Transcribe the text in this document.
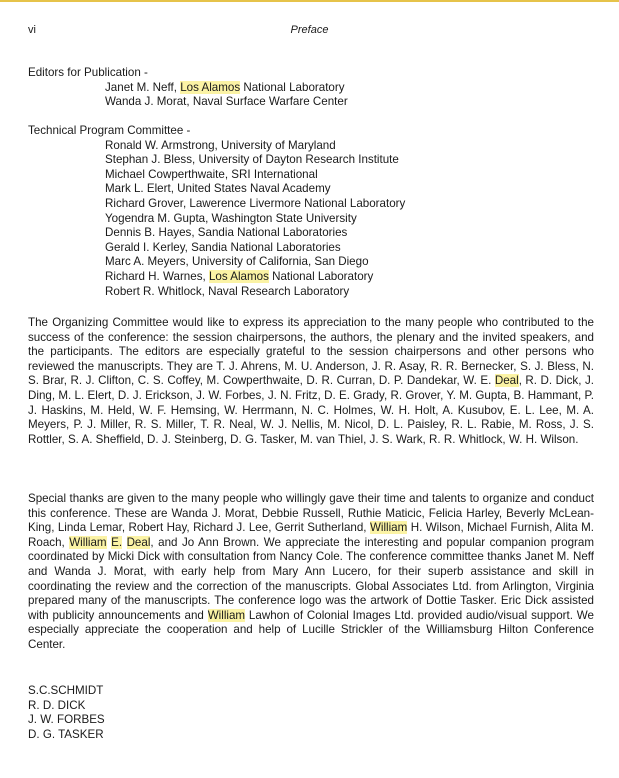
vi	Preface
Editors for Publication -
Janet M. Neff, Los Alamos National Laboratory
Wanda J. Morat, Naval Surface Warfare Center
Technical Program Committee -
Ronald W. Armstrong, University of Maryland
Stephan J. Bless, University of Dayton Research Institute
Michael Cowperthwaite, SRI International
Mark L. Elert, United States Naval Academy
Richard Grover, Lawerence Livermore National Laboratory
Yogendra M. Gupta, Washington State University
Dennis B. Hayes, Sandia National Laboratories
Gerald I. Kerley, Sandia National Laboratories
Marc A. Meyers, University of California, San Diego
Richard H. Warnes, Los Alamos National Laboratory
Robert R. Whitlock, Naval Research Laboratory
The Organizing Committee would like to express its appreciation to the many people who contributed to the success of the conference: the session chairpersons, the authors, the plenary and the invited speakers, and the participants. The editors are especially grateful to the session chairpersons and other persons who reviewed the manuscripts. They are T. J. Ahrens, M. U. Anderson, J. R. Asay, R. R. Bernecker, S. J. Bless, N. S. Brar, R. J. Clifton, C. S. Coffey, M. Cowperthwaite, D. R. Curran, D. P. Dandekar, W. E. Deal, R. D. Dick, J. Ding, M. L. Elert, D. J. Erickson, J. W. Forbes, J. N. Fritz, D. E. Grady, R. Grover, Y. M. Gupta, B. Hammant, P. J. Haskins, M. Held, W. F. Hemsing, W. Herrmann, N. C. Holmes, W. H. Holt, A. Kusubov, E. L. Lee, M. A. Meyers, P. J. Miller, R. S. Miller, T. R. Neal, W. J. Nellis, M. Nicol, D. L. Paisley, R. L. Rabie, M. Ross, J. S. Rottler, S. A. Sheffield, D. J. Steinberg, D. G. Tasker, M. van Thiel, J. S. Wark, R. R. Whitlock, W. H. Wilson.
Special thanks are given to the many people who willingly gave their time and talents to organize and conduct this conference. These are Wanda J. Morat, Debbie Russell, Ruthie Maticic, Felicia Harley, Beverly McLean-King, Linda Lemar, Robert Hay, Richard J. Lee, Gerrit Sutherland, William H. Wilson, Michael Furnish, Alita M. Roach, William E. Deal, and Jo Ann Brown. We appreciate the interesting and popular companion program coordinated by Micki Dick with consultation from Nancy Cole. The conference committee thanks Janet M. Neff and Wanda J. Morat, with early help from Mary Ann Lucero, for their superb assistance and skill in coordinating the review and the correction of the manuscripts. Global Associates Ltd. from Arlington, Virginia prepared many of the manuscripts. The conference logo was the artwork of Dottie Tasker. Eric Dick assisted with publicity announcements and William Lawhon of Colonial Images Ltd. provided audio/visual support. We especially appreciate the cooperation and help of Lucille Strickler of the Williamsburg Hilton Conference Center.
S.C.SCHMIDT
R. D. DICK
J. W. FORBES
D. G. TASKER
